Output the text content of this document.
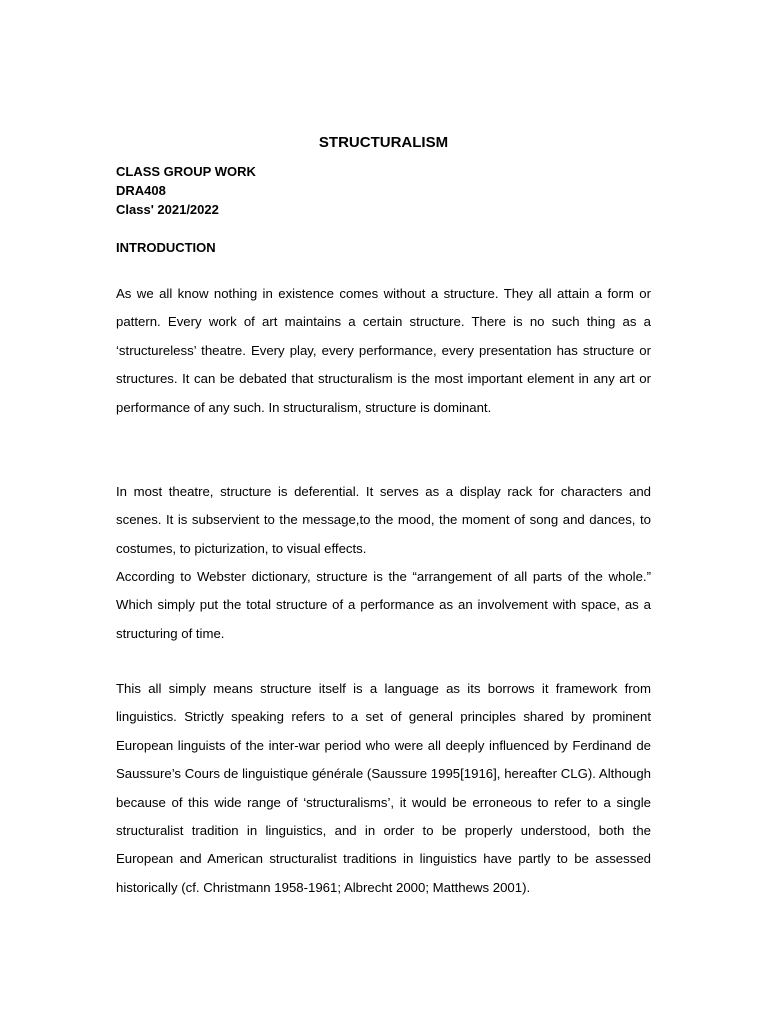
STRUCTURALISM
CLASS GROUP WORK
DRA408
Class' 2021/2022
INTRODUCTION

As we all know nothing in existence comes without a structure. They all attain a form or pattern. Every work of art maintains a certain structure. There is no such thing as a ‘structureless’ theatre. Every play, every performance, every presentation has structure or structures. It can be debated that structuralism is the most important element in any art or performance of any such. In structuralism, structure is dominant.

In most theatre, structure is deferential. It serves as a display rack for characters and scenes. It is subservient to the message,to the mood, the moment of song and dances, to costumes, to picturization, to visual effects.

According to Webster dictionary, structure is the “arrangement of all parts of the whole.” Which simply put the total structure of a performance as an involvement with space, as a structuring of time.

This all simply means structure itself is a language as its borrows it framework from linguistics. Strictly speaking refers to a set of general principles shared by prominent European linguists of the inter-war period who were all deeply influenced by Ferdinand de Saussure’s Cours de linguistique générale (Saussure 1995[1916], hereafter CLG). Although because of this wide range of ‘structuralisms’, it would be erroneous to refer to a single structuralist tradition in linguistics, and in order to be properly understood, both the European and American structuralist traditions in linguistics have partly to be assessed historically (cf. Christmann 1958-1961; Albrecht 2000; Matthews 2001).
